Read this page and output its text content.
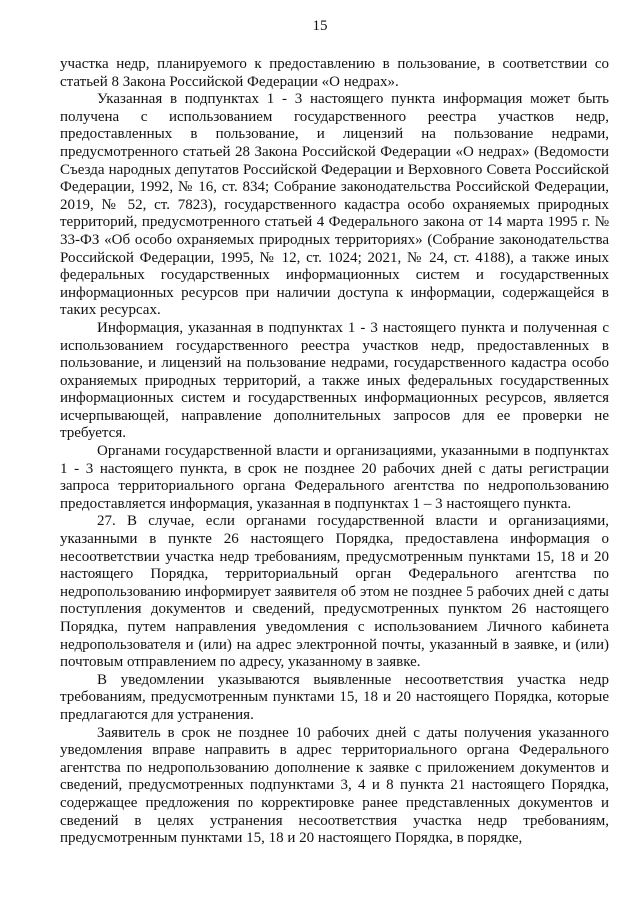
15

участка недр, планируемого к предоставлению в пользование, в соответствии со статьей 8 Закона Российской Федерации «О недрах».

Указанная в подпунктах 1 - 3 настоящего пункта информация может быть получена с использованием государственного реестра участков недр, предоставленных в пользование, и лицензий на пользование недрами, предусмотренного статьей 28 Закона Российской Федерации «О недрах» (Ведомости Съезда народных депутатов Российской Федерации и Верховного Совета Российской Федерации, 1992, № 16, ст. 834; Собрание законодательства Российской Федерации, 2019, № 52, ст. 7823), государственного кадастра особо охраняемых природных территорий, предусмотренного статьей 4 Федерального закона от 14 марта 1995 г. № 33-ФЗ «Об особо охраняемых природных территориях» (Собрание законодательства Российской Федерации, 1995, № 12, ст. 1024; 2021, № 24, ст. 4188), а также иных федеральных государственных информационных систем и государственных информационных ресурсов при наличии доступа к информации, содержащейся в таких ресурсах.

Информация, указанная в подпунктах 1 - 3 настоящего пункта и полученная с использованием государственного реестра участков недр, предоставленных в пользование, и лицензий на пользование недрами, государственного кадастра особо охраняемых природных территорий, а также иных федеральных государственных информационных систем и государственных информационных ресурсов, является исчерпывающей, направление дополнительных запросов для ее проверки не требуется.

Органами государственной власти и организациями, указанными в подпунктах 1 - 3 настоящего пункта, в срок не позднее 20 рабочих дней с даты регистрации запроса территориального органа Федерального агентства по недропользованию предоставляется информация, указанная в подпунктах 1 – 3 настоящего пункта.

27. В случае, если органами государственной власти и организациями, указанными в пункте 26 настоящего Порядка, предоставлена информация о несоответствии участка недр требованиям, предусмотренным пунктами 15, 18 и 20 настоящего Порядка, территориальный орган Федерального агентства по недропользованию информирует заявителя об этом не позднее 5 рабочих дней с даты поступления документов и сведений, предусмотренных пунктом 26 настоящего Порядка, путем направления уведомления с использованием Личного кабинета недропользователя и (или) на адрес электронной почты, указанный в заявке, и (или) почтовым отправлением по адресу, указанному в заявке.

В уведомлении указываются выявленные несоответствия участка недр требованиям, предусмотренным пунктами 15, 18 и 20 настоящего Порядка, которые предлагаются для устранения.

Заявитель в срок не позднее 10 рабочих дней с даты получения указанного уведомления вправе направить в адрес территориального органа Федерального агентства по недропользованию дополнение к заявке с приложением документов и сведений, предусмотренных подпунктами 3, 4 и 8 пункта 21 настоящего Порядка, содержащее предложения по корректировке ранее представленных документов и сведений в целях устранения несоответствия участка недр требованиям, предусмотренным пунктами 15, 18 и 20 настоящего Порядка, в порядке,
